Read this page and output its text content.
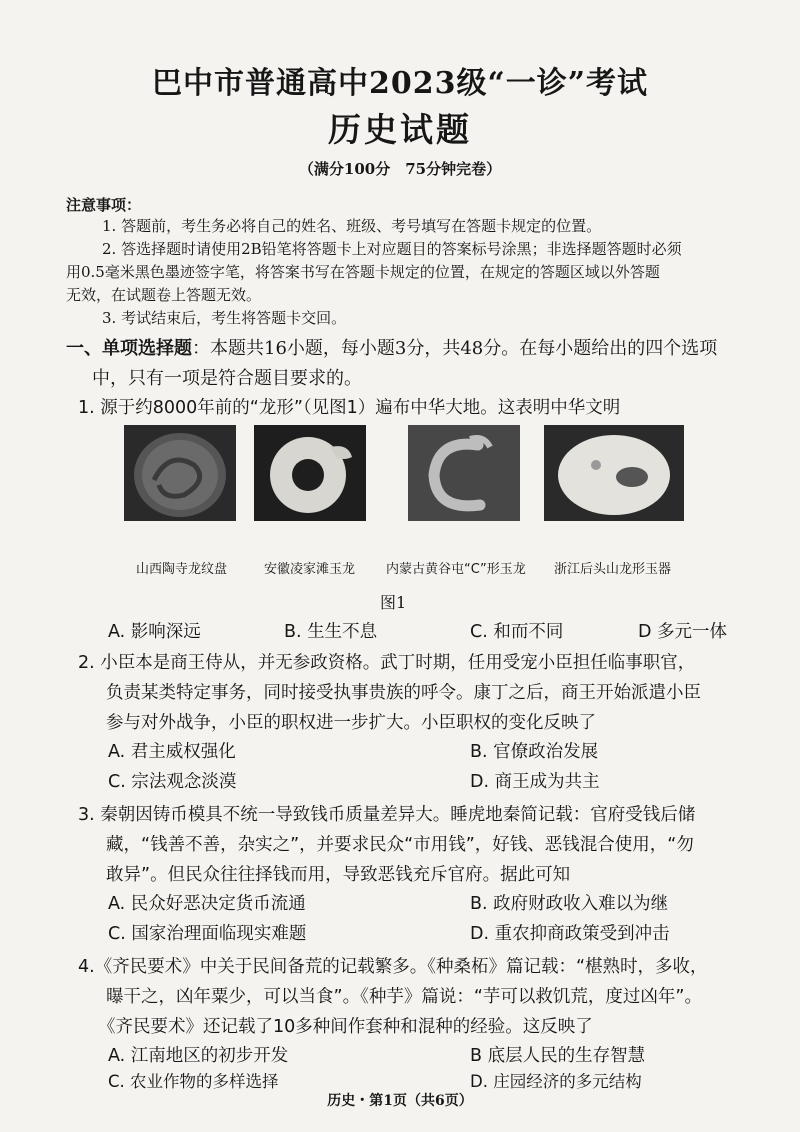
巴中市普通高中2023级“一诊”考试
历史试题
（满分100分　75分钟完卷）
注意事项：
1. 答题前，考生务必将自己的姓名、班级、考号填写在答题卡规定的位置。
2. 答选择题时请使用2B铅笔将答题卡上对应题目的答案标号涂黑；非选择题答题时必须
用0.5毫米黑色墨迹签字笔，将答案书写在答题卡规定的位置，在规定的答题区域以外答题
无效，在试题卷上答题无效。
3. 考试结束后，考生将答题卡交回。
一、单项选择题：本题共16小题，每小题3分，共48分。在每小题给出的四个选项
中，只有一项是符合题目要求的。
1. 源于约8000年前的“龙形”（见图1）遍布中华大地。这表明中华文明
山西陶寺龙纹盘	安徽凌家滩玉龙 内蒙古黄谷屯“C”形玉龙 浙江后头山龙形玉器
图1
A. 影响深远	B. 生生不息	C. 和而不同	D 多元一体
2. 小臣本是商王侍从，并无参政资格。武丁时期，任用受宠小臣担任临事职官，
负责某类特定事务，同时接受执事贵族的呼令。康丁之后，商王开始派遣小臣
参与对外战争，小臣的职权进一步扩大。小臣职权的变化反映了
A. 君主威权强化	B. 官僚政治发展
C. 宗法观念淡漠	D. 商王成为共主
3. 秦朝因铸币模具不统一导致钱币质量差异大。睡虎地秦简记载：官府受钱后储
藏，“钱善不善，杂实之”，并要求民众“市用钱”，好钱、恶钱混合使用，“勿
敢异”。但民众往往择钱而用，导致恶钱充斥官府。据此可知
A. 民众好恶决定货币流通	B. 政府财政收入难以为继
C. 国家治理面临现实难题	D. 重农抑商政策受到冲击
4.《齐民要术》中关于民间备荒的记载繁多。《种桑柘》篇记载：“椹熟时，多收，
曝干之，凶年粟少，可以当食”。《种芋》篇说：“芋可以救饥荒，度过凶年”。
《齐民要术》还记载了10多种间作套种和混种的经验。这反映了
A. 江南地区的初步开发	B 底层人民的生存智慧
C. 农业作物的多样选择	D. 庄园经济的多元结构
历史・第1页（共6页）
